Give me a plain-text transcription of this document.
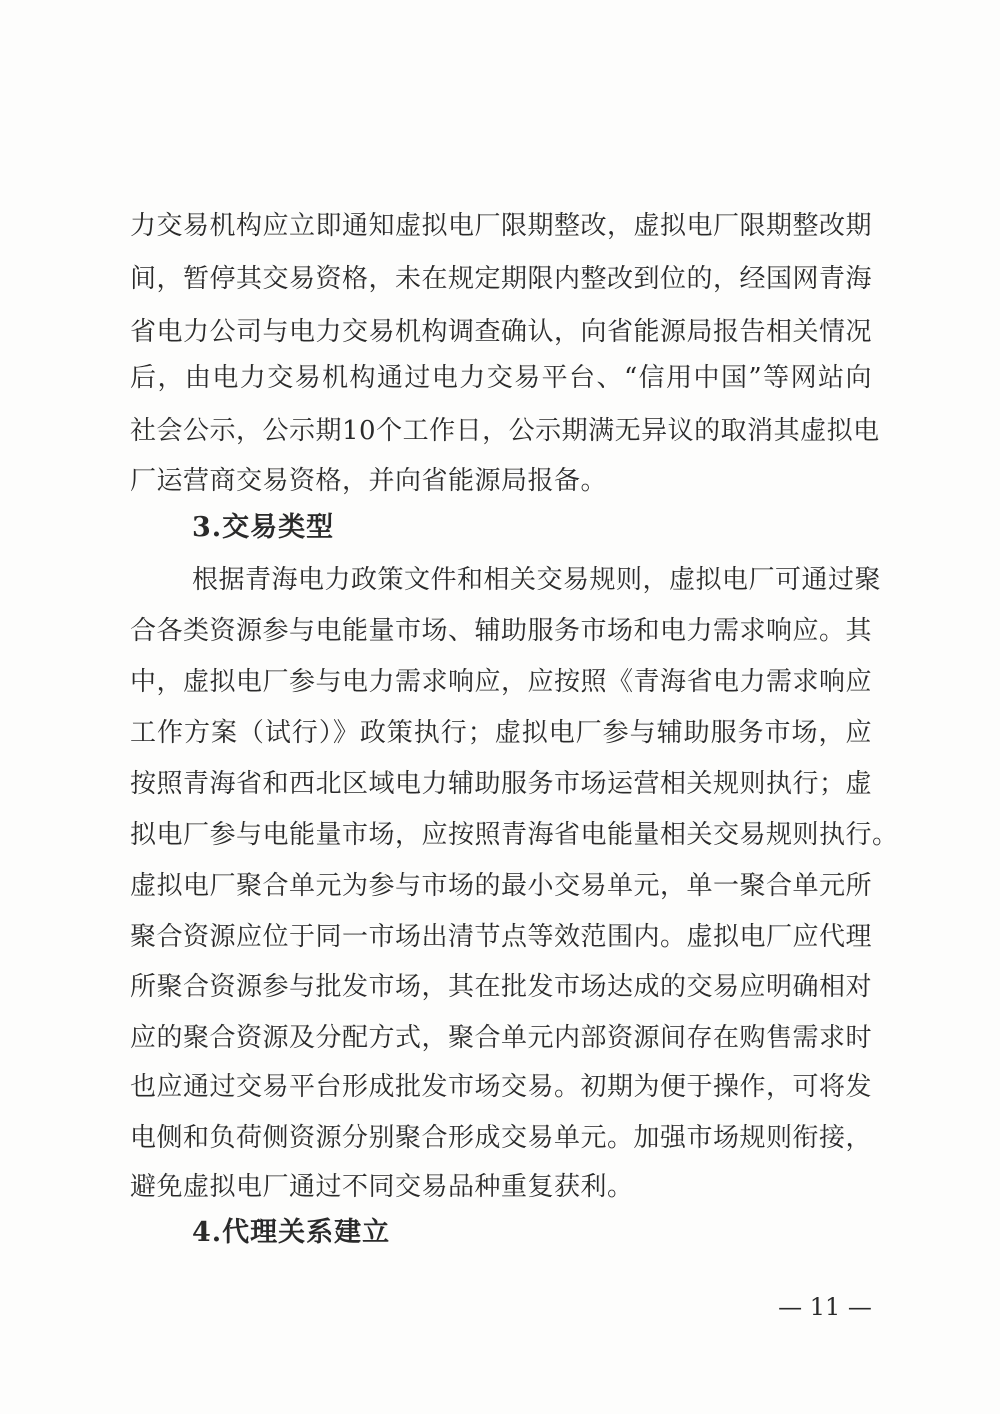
力交易机构应立即通知虚拟电厂限期整改，虚拟电厂限期整改期
间，暂停其交易资格，未在规定期限内整改到位的，经国网青海
省电力公司与电力交易机构调查确认，向省能源局报告相关情况
后，由电力交易机构通过电力交易平台、“信用中国”等网站向
社会公示，公示期10个工作日，公示期满无异议的取消其虚拟电
厂运营商交易资格，并向省能源局报备。
3.交易类型
根据青海电力政策文件和相关交易规则，虚拟电厂可通过聚
合各类资源参与电能量市场、辅助服务市场和电力需求响应。其
中，虚拟电厂参与电力需求响应，应按照《青海省电力需求响应
工作方案（试行）》政策执行；虚拟电厂参与辅助服务市场，应
按照青海省和西北区域电力辅助服务市场运营相关规则执行；虚
拟电厂参与电能量市场，应按照青海省电能量相关交易规则执行。
虚拟电厂聚合单元为参与市场的最小交易单元，单一聚合单元所
聚合资源应位于同一市场出清节点等效范围内。虚拟电厂应代理
所聚合资源参与批发市场，其在批发市场达成的交易应明确相对
应的聚合资源及分配方式，聚合单元内部资源间存在购售需求时
也应通过交易平台形成批发市场交易。初期为便于操作，可将发
电侧和负荷侧资源分别聚合形成交易单元。加强市场规则衔接，
避免虚拟电厂通过不同交易品种重复获利。
4.代理关系建立
— 11 —
